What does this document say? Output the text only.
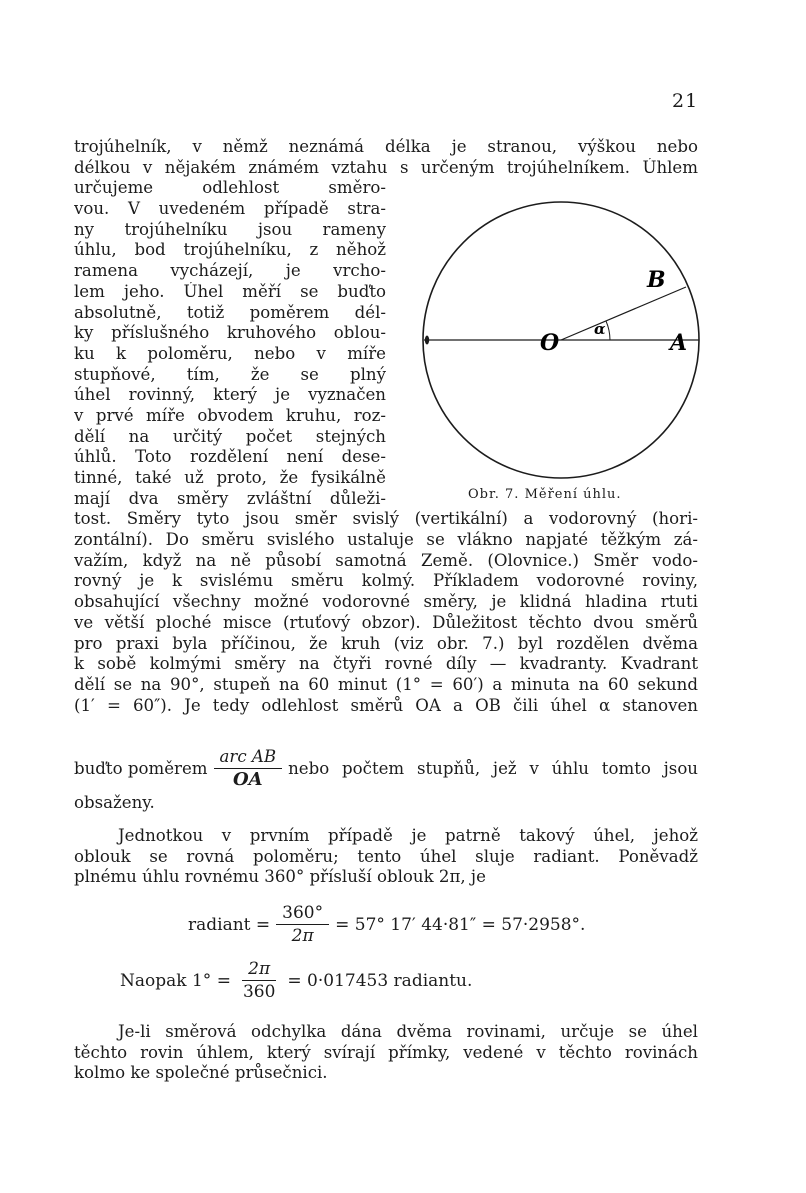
21
trojúhelník, v němž neznámá délka je stranou, výškou nebo
délkou v nějakém známém vztahu s určeným trojúhelníkem. Úhlem
určujeme odlehlost směro-
vou. V uvedeném případě stra-
ny trojúhelníku jsou rameny
úhlu, bod trojúhelníku, z něhož
ramena vycházejí, je vrcho-
lem jeho. Úhel měří se buďto
absolutně, totiž poměrem dél-
ky příslušného kruhového oblou-
ku k poloměru, nebo v míře
stupňové, tím, že se plný
úhel rovinný, který je vyznačen
v prvé míře obvodem kruhu, roz-
dělí na určitý počet stejných
úhlů. Toto rozdělení není dese-
tinné, také už proto, že fysikálně
mají dva směry zvláštní důleži-
tost. Směry tyto jsou směr svislý (vertikální) a vodorovný (hori-
zontální). Do směru svislého ustaluje se vlákno napjaté těžkým zá-
važím, když na ně působí samotná Země. (Olovnice.) Směr vodo-
rovný je k svislému směru kolmý. Příkladem vodorovné roviny,
obsahující všechny možné vodorovné směry, je klidná hladina rtuti
ve větší ploché misce (rtuťový obzor). Důležitost těchto dvou směrů
pro praxi byla příčinou, že kruh (viz obr. 7.) byl rozdělen dvěma
k sobě kolmými směry na čtyři rovné díly — kvadranty. Kvadrant
dělí se na 90°, stupeň na 60 minut (1° = 60′) a minuta na 60 sekund
(1′ = 60″). Je tedy odlehlost směrů OA a OB čili úhel α stanoven
B
O	A
α
Obr. 7. Měření úhlu.
buďto poměrem $\frac{\text{arc AB}}{OA}$ nebo počtem stupňů, jež v úhlu tomto jsou
obsaženy.
Jednotkou v prvním případě je patrně takový úhel, jehož
oblouk se rovná poloměru; tento úhel sluje radiant. Poněvadž
plnému úhlu rovnému 360° přísluší oblouk 2π, je
radiant = $\frac{360^\circ}{2\pi} = 57^\circ$ 17′ 44·81″ = 57·2958°.
Naopak $1^\circ = \frac{2\pi}{360} = 0\cdot 017453$ radiantu.
Je-li směrová odchylka dána dvěma rovinami, určuje se úhel
těchto rovin úhlem, který svírají přímky, vedené v těchto rovinách
kolmo ke společné průsečnici.
